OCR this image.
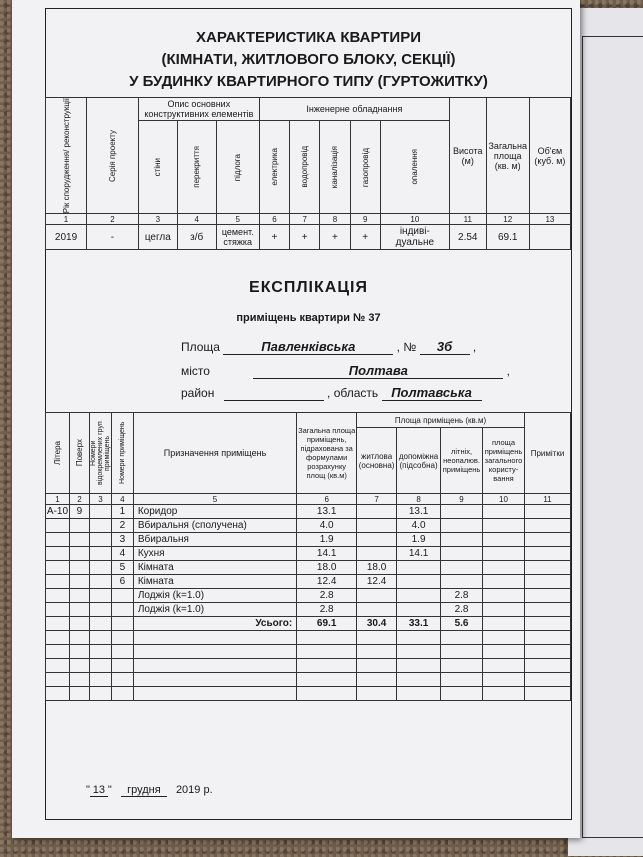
ХАРАКТЕРИСТИКА КВАРТИРИ
(КІМНАТИ, ЖИТЛОВОГО БЛОКУ, СЕКЦІЇ)
У БУДИНКУ КВАРТИРНОГО ТИПУ (ГУРТОЖИТКУ)
Рік спорудження/ реконструкції	Серія проекту	Опис основних конструктивних елементів			Інженерне обладнання					Висота (м)	Загальна площа (кв. м)	Об'єм (куб. м)

		стіни	перекриття	підлога	електрика	водопровід	каналізація	газопровід	опалення			

1	2	3	4	5	6	7	8	9	10	11	12	13
2019	-	цегла	з/б	цемент. стяжка	+	+	+	+	індиві-дуальне	2.54	69.1	
ЕКСПЛІКАЦІЯ
приміщень квартири № 37
Площа	Павленківська	, № 3б ,
місто	Полтава	,
район	, область Полтавська
Літера	Поверх	Номери відокремлених груп приміщень	Номери приміщень	Призначення приміщень	Загальна площа приміщень, підрахована за формулами розрахунку площ (кв.м)	Площа приміщень (кв.м)				Примітки
						житлова (основна)	допоміжна (підсобна)	літніх, неопалюв. приміщень	площа приміщень загального користу-вання	
1	2	3	4	5	6	7	8	9	10	11
А-10	9		1	Коридор	13.1		13.1			
			2	Вбиральня (сполучена)	4.0		4.0			
			3	Вбиральня	1.9		1.9			
			4	Кухня	14.1		14.1			
			5	Кімната	18.0	18.0				
			6	Кімната	12.4	12.4				
				Лоджія (k=1.0)	2.8			2.8		
				Лоджія (k=1.0)	2.8			2.8		
				Усього:	69.1	30.4	33.1	5.6		

" 13 " грудня 2019 р.
